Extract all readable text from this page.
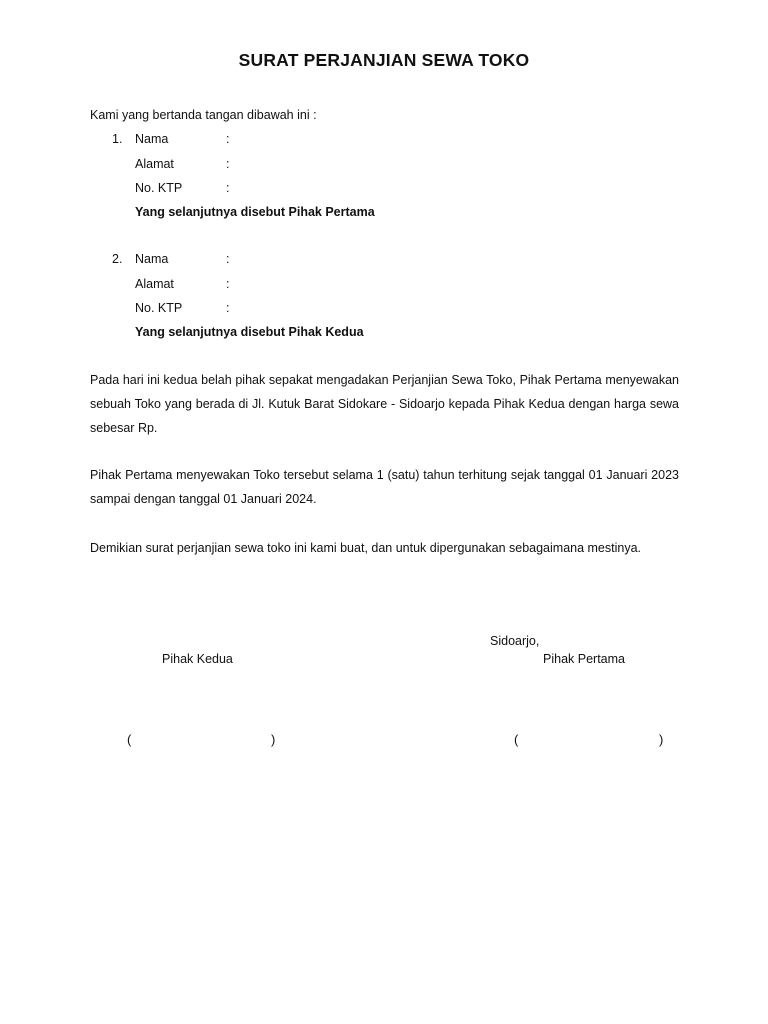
SURAT PERJANJIAN SEWA TOKO
Kami yang bertanda tangan dibawah ini :
1. Nama	:
Alamat	:
No. KTP	:
Yang selanjutnya disebut Pihak Pertama
2. Nama	:
Alamat	:
No. KTP	:
Yang selanjutnya disebut Pihak Kedua

Pada hari ini kedua belah pihak sepakat mengadakan Perjanjian Sewa Toko, Pihak Pertama menyewakan sebuah Toko yang berada di Jl. Kutuk Barat Sidokare - Sidoarjo kepada Pihak Kedua dengan harga sewa sebesar Rp.

Pihak Pertama menyewakan Toko tersebut selama 1 (satu) tahun terhitung sejak tanggal 01 Januari 2023 sampai dengan tanggal 01 Januari 2024.

Demikian surat perjanjian sewa toko ini kami buat, dan untuk dipergunakan sebagaimana mestinya.

Sidoarjo,
Pihak Kedua	Pihak Pertama
(	)	(	)
